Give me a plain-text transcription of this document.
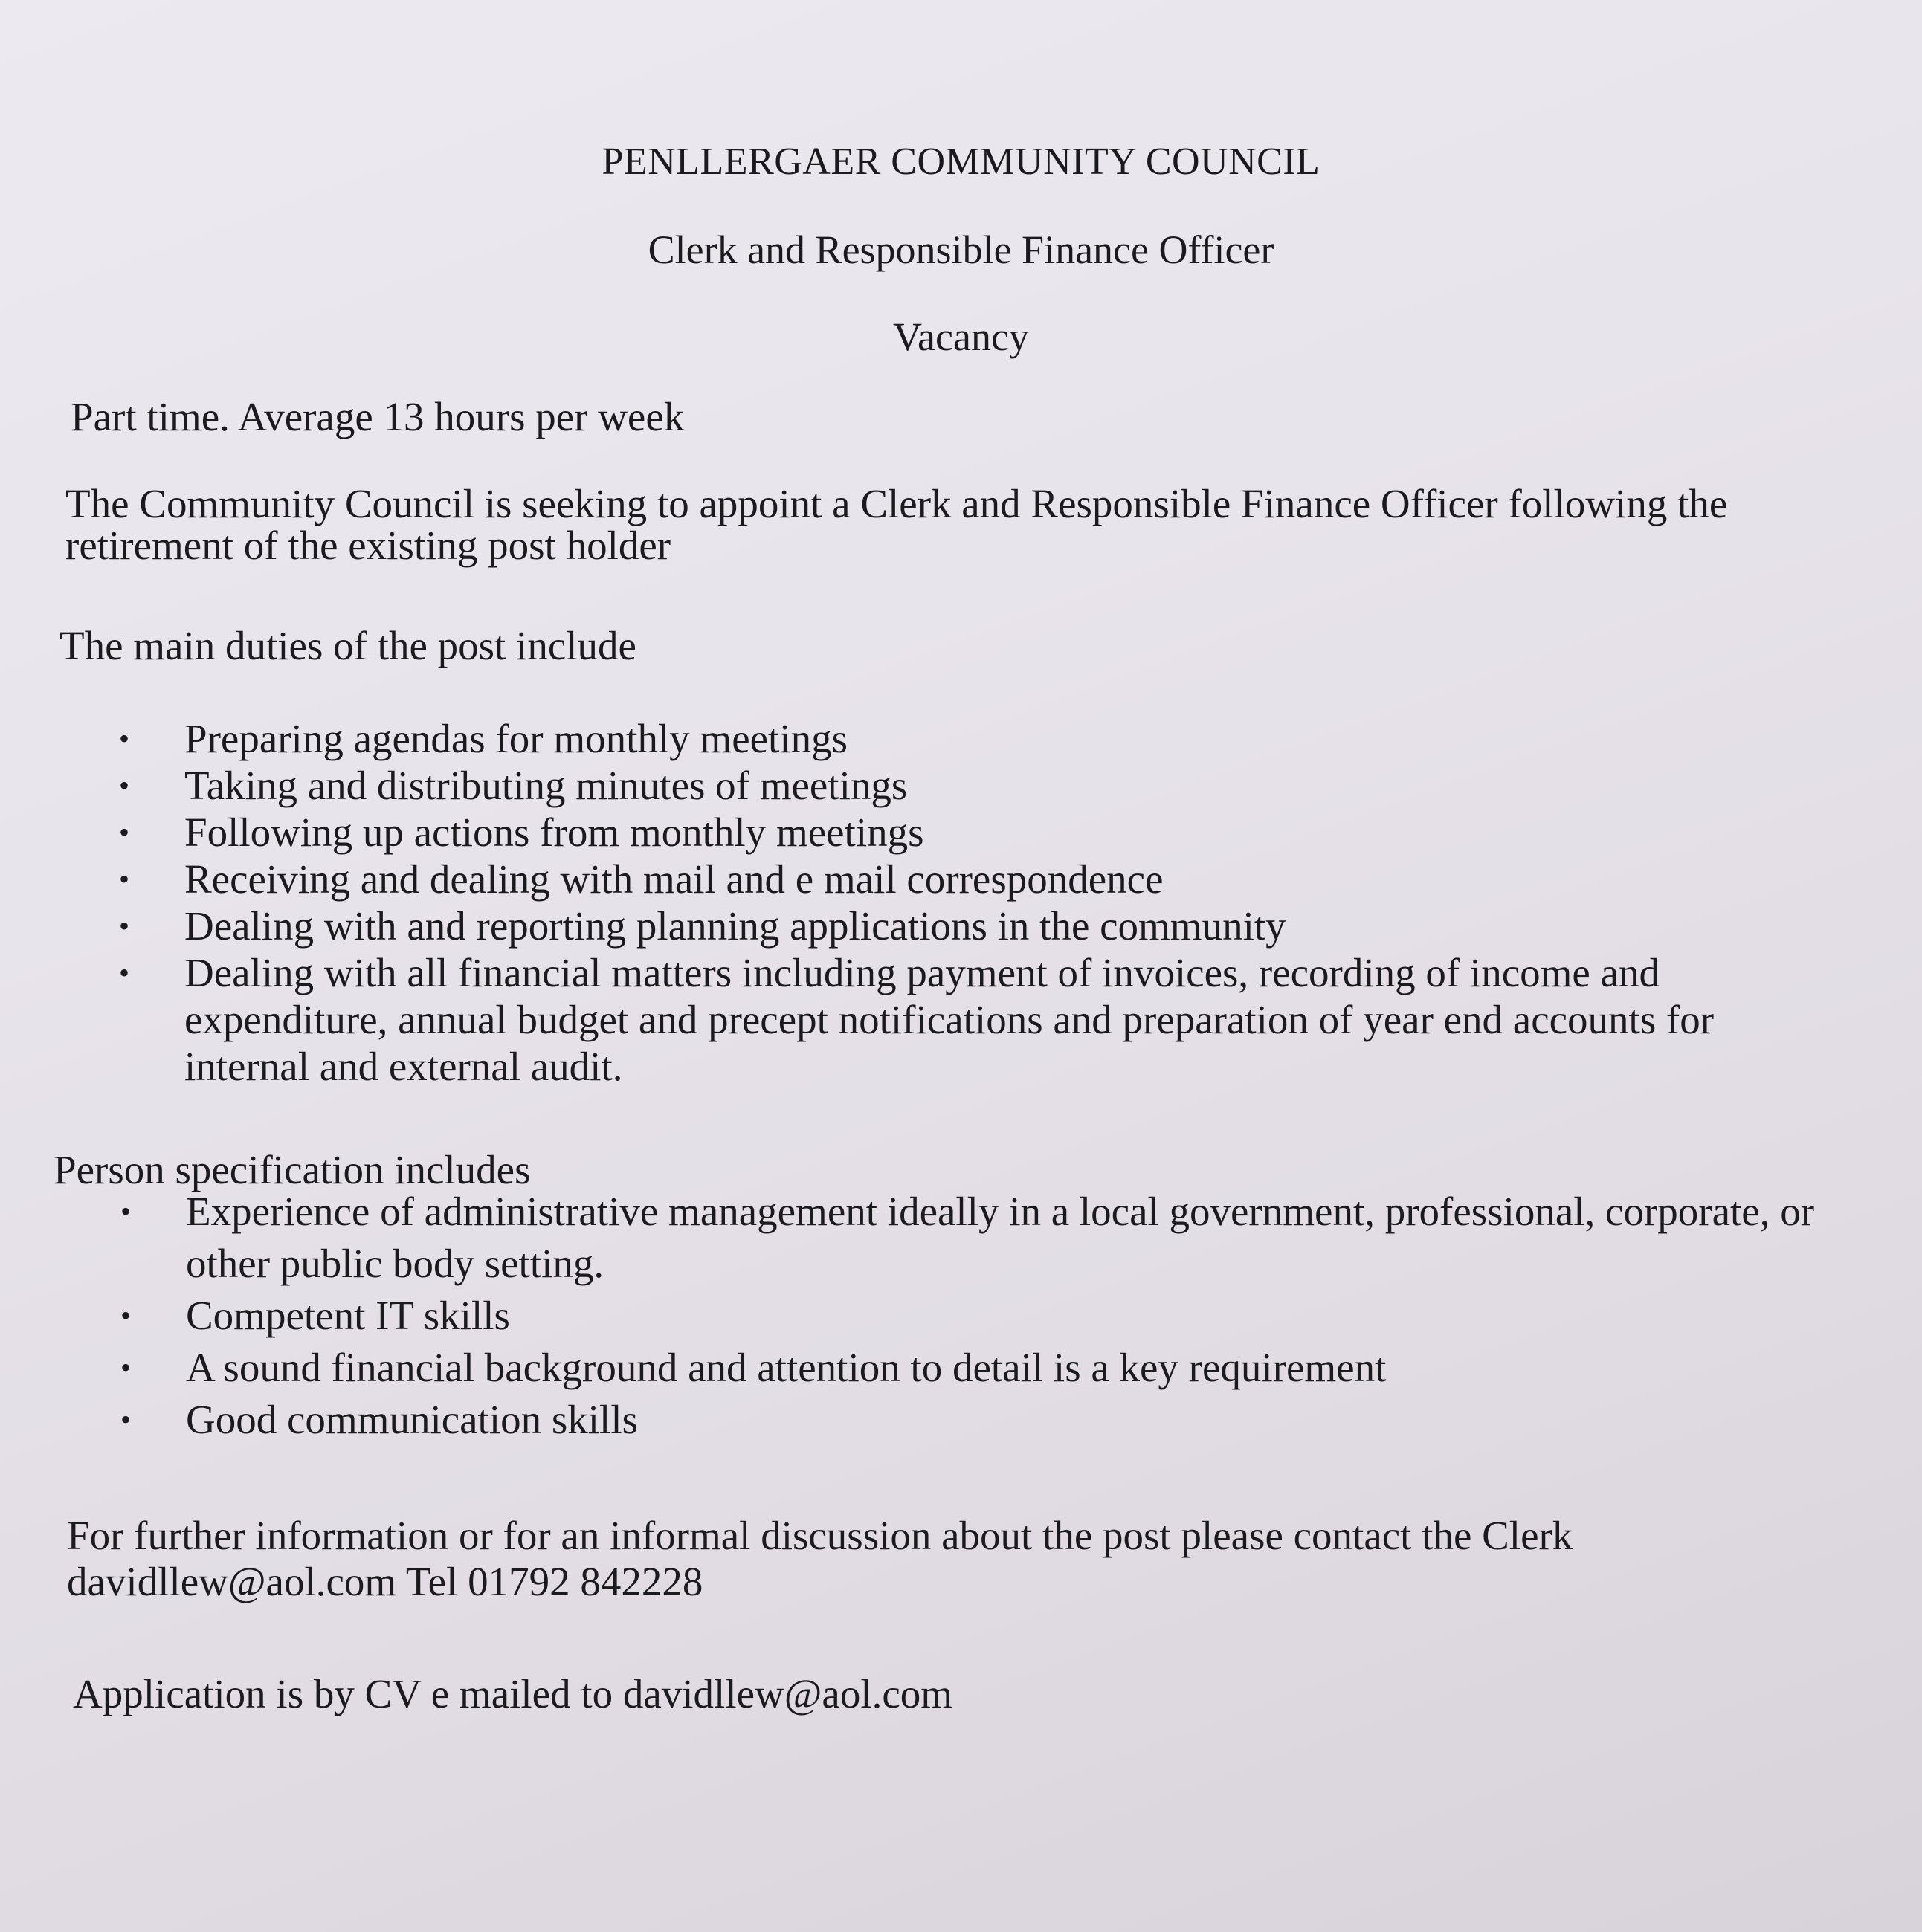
PENLLERGAER COMMUNITY COUNCIL
Clerk and Responsible Finance Officer
Vacancy

Part time. Average 13 hours per week

The Community Council is seeking to appoint a Clerk and Responsible Finance Officer following the retirement of the existing post holder

The main duties of the post include

• Preparing agendas for monthly meetings
• Taking and distributing minutes of meetings
• Following up actions from monthly meetings
• Receiving and dealing with mail and e mail correspondence
• Dealing with and reporting planning applications in the community
• Dealing with all financial matters including payment of invoices, recording of income and expenditure, annual budget and precept notifications and preparation of year end accounts for internal and external audit.

Person specification includes

• Experience of administrative management ideally in a local government, professional, corporate, or other public body setting.
• Competent IT skills
• A sound financial background and attention to detail is a key requirement
• Good communication skills
For further information or for an informal discussion about the post please contact the Clerk
davidllew@aol.com Tel 01792 842228

Application is by CV e mailed to davidllew@aol.com
